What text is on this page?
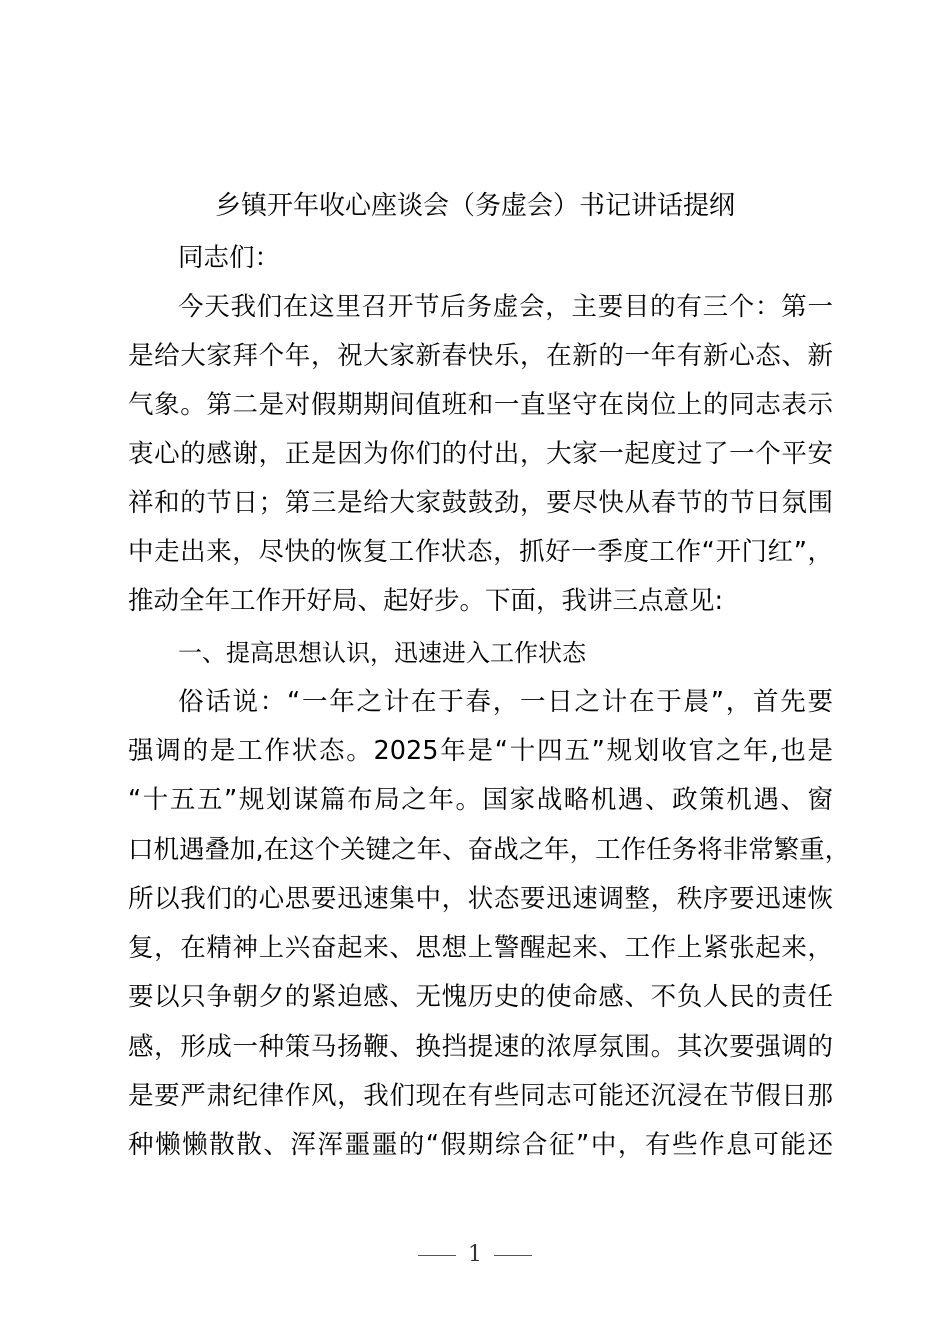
乡镇开年收心座谈会（务虚会）书记讲话提纲
同志们：
今天我们在这里召开节后务虚会，主要目的有三个：第一
是给大家拜个年，祝大家新春快乐，在新的一年有新心态、新
气象。第二是对假期期间值班和一直坚守在岗位上的同志表示
衷心的感谢，正是因为你们的付出，大家一起度过了一个平安
祥和的节日；第三是给大家鼓鼓劲，要尽快从春节的节日氛围
中走出来，尽快的恢复工作状态，抓好一季度工作“开门红”，
推动全年工作开好局、起好步。下面，我讲三点意见:
一、提高思想认识，迅速进入工作状态
俗话说：“一年之计在于春，一日之计在于晨”，首先要
强调的是工作状态。2025年是“十四五”规划收官之年,也是
“十五五”规划谋篇布局之年。国家战略机遇、政策机遇、窗
口机遇叠加,在这个关键之年、奋战之年，工作任务将非常繁重，
所以我们的心思要迅速集中，状态要迅速调整，秩序要迅速恢
复，在精神上兴奋起来、思想上警醒起来、工作上紧张起来，
要以只争朝夕的紧迫感、无愧历史的使命感、不负人民的责任
感，形成一种策马扬鞭、换挡提速的浓厚氛围。其次要强调的
是要严肃纪律作风，我们现在有些同志可能还沉浸在节假日那
种懒懒散散、浑浑噩噩的“假期综合征”中，有些作息可能还
1
